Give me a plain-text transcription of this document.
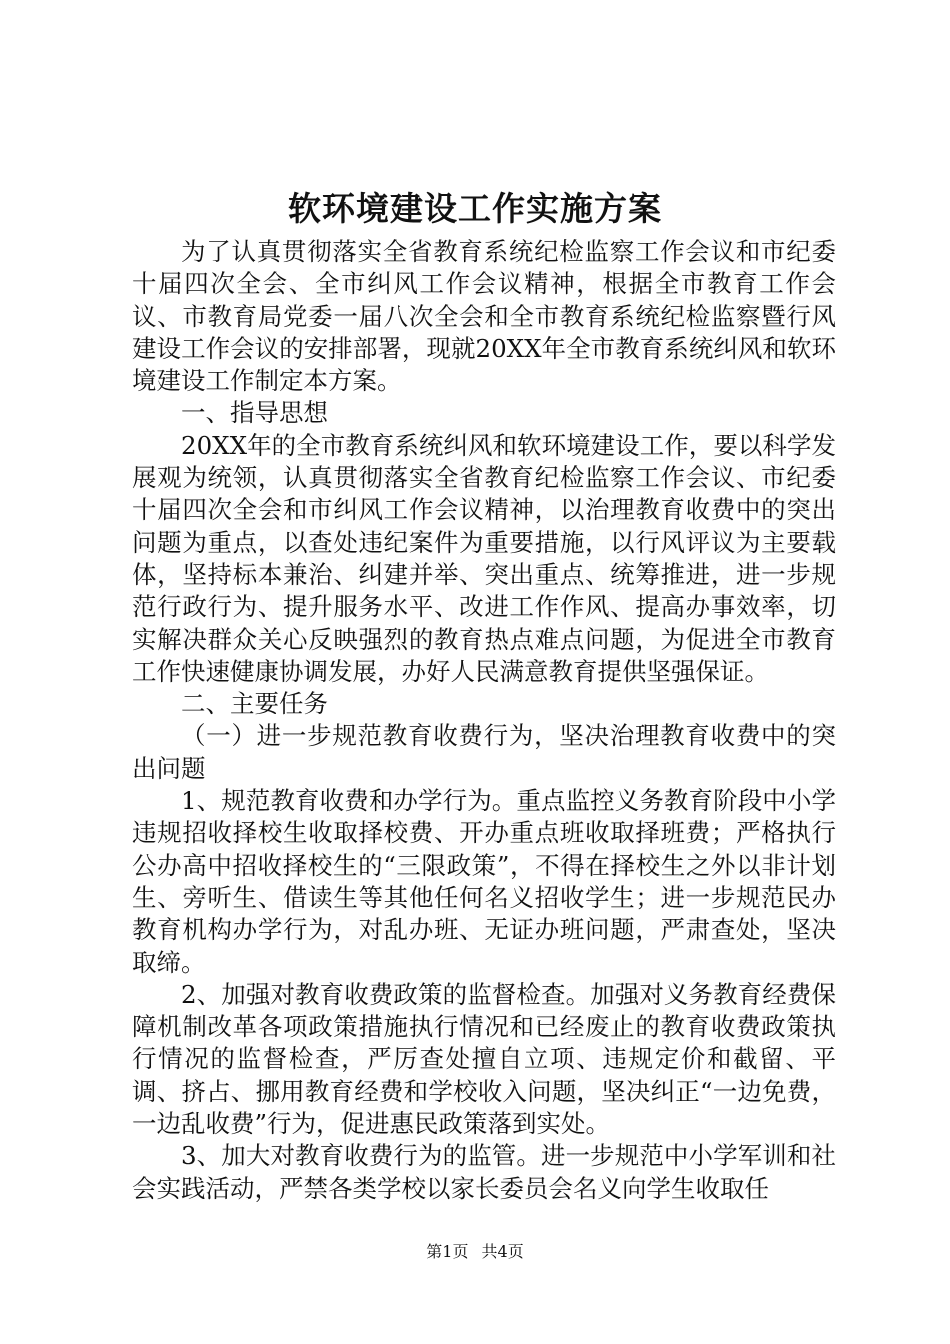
软环境建设工作实施方案

为了认真贯彻落实全省教育系统纪检监察工作会议和市纪委十届四次全会、全市纠风工作会议精神，根据全市教育工作会议、市教育局党委一届八次全会和全市教育系统纪检监察暨行风建设工作会议的安排部署，现就20XX年全市教育系统纠风和软环境建设工作制定本方案。

一、指导思想

20XX年的全市教育系统纠风和软环境建设工作，要以科学发展观为统领，认真贯彻落实全省教育纪检监察工作会议、市纪委十届四次全会和市纠风工作会议精神，以治理教育收费中的突出问题为重点，以查处违纪案件为重要措施，以行风评议为主要载体，坚持标本兼治、纠建并举、突出重点、统筹推进，进一步规范行政行为、提升服务水平、改进工作作风、提高办事效率，切实解决群众关心反映强烈的教育热点难点问题，为促进全市教育工作快速健康协调发展，办好人民满意教育提供坚强保证。

二、主要任务

（一）进一步规范教育收费行为，坚决治理教育收费中的突出问题

1、规范教育收费和办学行为。重点监控义务教育阶段中小学违规招收择校生收取择校费、开办重点班收取择班费；严格执行公办高中招收择校生的“三限政策”，不得在择校生之外以非计划生、旁听生、借读生等其他任何名义招收学生；进一步规范民办教育机构办学行为，对乱办班、无证办班问题，严肃查处，坚决取缔。

2、加强对教育收费政策的监督检查。加强对义务教育经费保障机制改革各项政策措施执行情况和已经废止的教育收费政策执行情况的监督检查，严厉查处擅自立项、违规定价和截留、平调、挤占、挪用教育经费和学校收入问题，坚决纠正“一边免费，一边乱收费”行为，促进惠民政策落到实处。

3、加大对教育收费行为的监管。进一步规范中小学军训和社会实践活动，严禁各类学校以家长委员会名义向学生收取任

第1页 共4页
